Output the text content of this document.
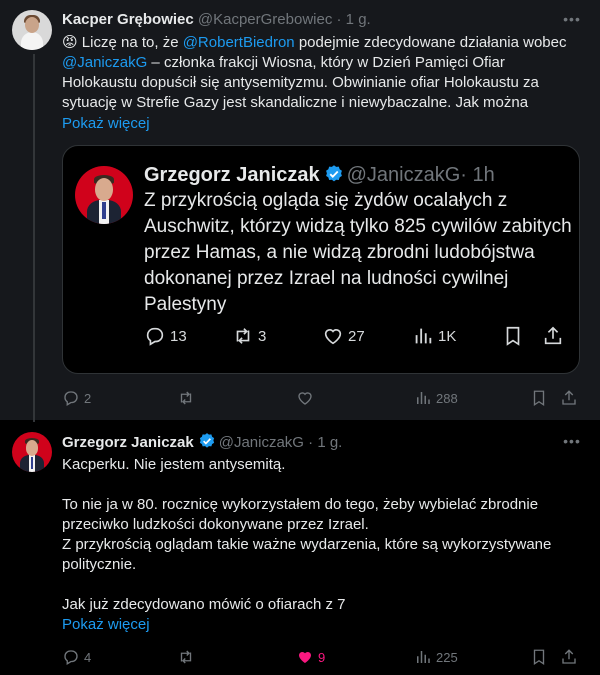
Kacper Grębowiec @KacperGrebowiec · 1 g.	•••
😡 Liczę na to, że @RobertBiedron podejmie zdecydowane działania wobec @JaniczakG – członka frakcji Wiosna, który w Dzień Pamięci Ofiar Holokaustu dopuścił się antysemityzmu. Obwinianie ofiar Holokaustu za sytuację w Strefie Gazy jest skandaliczne i niewybaczalne. Jak można
Pokaż więcej
Grzegorz Janiczak @JaniczakG· 1h
Z przykrością ogląda się żydów ocalałych z Auschwitz, którzy widzą tylko 825 cywilów zabitych przez Hamas, a nie widzą zbrodni ludobójstwa dokonanej przez Izrael na ludności cywilnej Palestyny
13	3	27	1K
2	288
Grzegorz Janiczak @JaniczakG · 1 g.	•••
Kacperku. Nie jestem antysemitą.
To nie ja w 80. rocznicę wykorzystałem do tego, żeby wybielać zbrodnie przeciwko ludzkości dokonywane przez Izrael.
Z przykrością oglądam takie ważne wydarzenia, które są wykorzystywane politycznie.
Jak już zdecydowano mówić o ofiarach z 7
Pokaż więcej
4	9	225
